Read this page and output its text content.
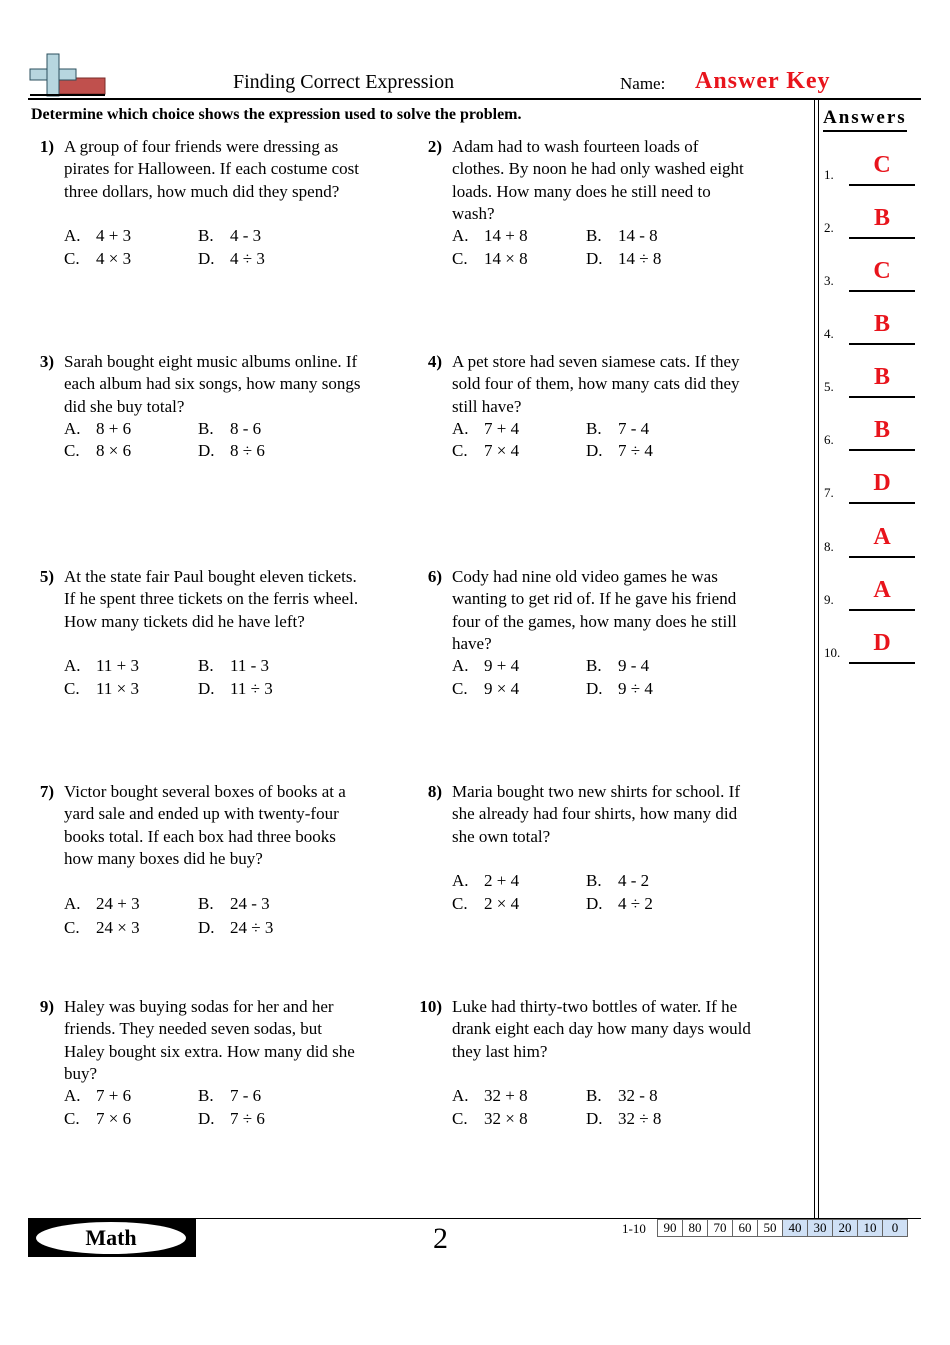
Finding Correct Expression	Name: Answer Key
Determine which choice shows the expression used to solve the problem.	Answers
1.	C
2.	B
3.	C
4.	B
5.	B
6.	B
7.	D
8.	A
9.	A
10.	D
1) A group of four friends were dressing as pirates for Halloween. If each costume cost three dollars, how much did they spend?
A. 4 + 3	B. 4 - 3
C. 4 × 3	D. 4 ÷ 3
2) Adam had to wash fourteen loads of clothes. By noon he had only washed eight loads. How many does he still need to wash?
A. 14 + 8	B. 14 - 8
C. 14 × 8	D. 14 ÷ 8
3) Sarah bought eight music albums online. If each album had six songs, how many songs did she buy total?
A. 8 + 6	B. 8 - 6
C. 8 × 6	D. 8 ÷ 6
4) A pet store had seven siamese cats. If they sold four of them, how many cats did they still have?
A. 7 + 4	B. 7 - 4
C. 7 × 4	D. 7 ÷ 4
5) At the state fair Paul bought eleven tickets. If he spent three tickets on the ferris wheel. How many tickets did he have left?
A. 11 + 3	B. 11 - 3
C. 11 × 3	D. 11 ÷ 3
6) Cody had nine old video games he was wanting to get rid of. If he gave his friend four of the games, how many does he still have?
A. 9 + 4	B. 9 - 4
C. 9 × 4	D. 9 ÷ 4
7) Victor bought several boxes of books at a yard sale and ended up with twenty-four books total. If each box had three books how many boxes did he buy?
A. 24 + 3	B. 24 - 3
C. 24 × 3	D. 24 ÷ 3
8) Maria bought two new shirts for school. If she already had four shirts, how many did she own total?
A. 2 + 4	B. 4 - 2
C. 2 × 4	D. 4 ÷ 2
9) Haley was buying sodas for her and her friends. They needed seven sodas, but Haley bought six extra. How many did she buy?
A. 7 + 6	B. 7 - 6
C. 7 × 6	D. 7 ÷ 6
10) Luke had thirty-two bottles of water. If he drank eight each day how many days would they last him?
A. 32 + 8	B. 32 - 8
C. 32 × 8	D. 32 ÷ 8
Math	2	1-10 90	80	70	60	50	40	30	20	10	0
